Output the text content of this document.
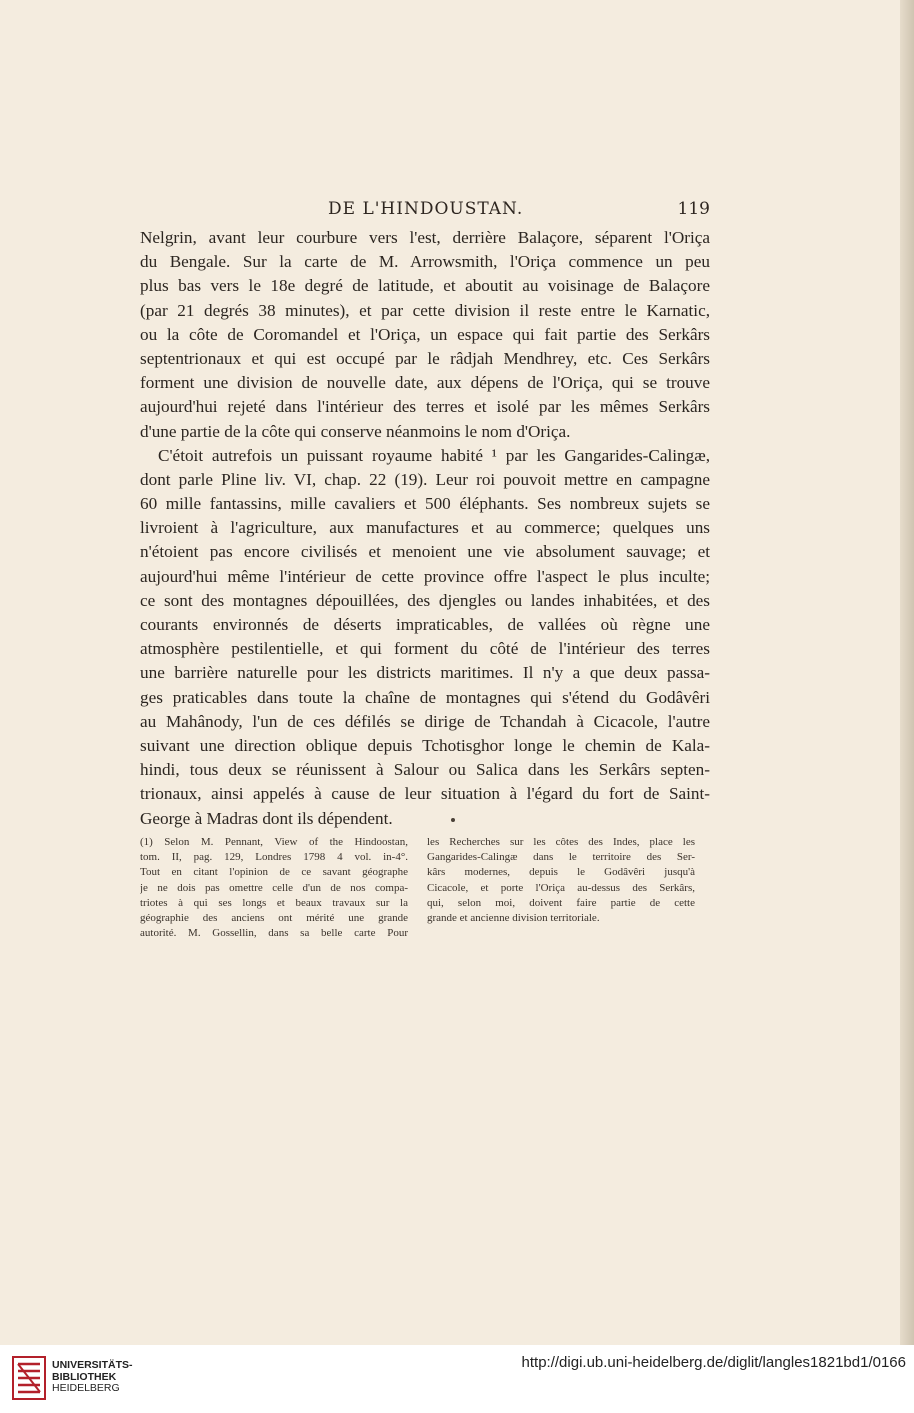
DE L'HINDOUSTAN.	119
Nelgrin, avant leur courbure vers l'est, derrière Balaçore, séparent l'Oriça
du Bengale. Sur la carte de M. Arrowsmith, l'Oriça commence un peu
plus bas vers le 18e degré de latitude, et aboutit au voisinage de Balaçore
(par 21 degrés 38 minutes), et par cette division il reste entre le Karnatic,
ou la côte de Coromandel et l'Oriça, un espace qui fait partie des Serkârs
septentrionaux et qui est occupé par le râdjah Mendhrey, etc. Ces Serkârs
forment une division de nouvelle date, aux dépens de l'Oriça, qui se trouve
aujourd'hui rejeté dans l'intérieur des terres et isolé par les mêmes Serkârs
d'une partie de la côte qui conserve néanmoins le nom d'Oriça.
C'étoit autrefois un puissant royaume habité ¹ par les Gangarides-Calingæ,
dont parle Pline liv. VI, chap. 22 (19). Leur roi pouvoit mettre en campagne
60 mille fantassins, mille cavaliers et 500 éléphants. Ses nombreux sujets se
livroient à l'agriculture, aux manufactures et au commerce; quelques uns
n'étoient pas encore civilisés et menoient une vie absolument sauvage; et
aujourd'hui même l'intérieur de cette province offre l'aspect le plus inculte;
ce sont des montagnes dépouillées, des djengles ou landes inhabitées, et des
courants environnés de déserts impraticables, de vallées où règne une
atmosphère pestilentielle, et qui forment du côté de l'intérieur des terres
une barrière naturelle pour les districts maritimes. Il n'y a que deux passa-
ges praticables dans toute la chaîne de montagnes qui s'étend du Godâvêri
au Mahânody, l'un de ces défilés se dirige de Tchandah à Cicacole, l'autre
suivant une direction oblique depuis Tchotisghor longe le chemin de Kala-
hindi, tous deux se réunissent à Salour ou Salica dans les Serkârs septen-
trionaux, ainsi appelés à cause de leur situation à l'égard du fort de Saint-
George à Madras dont ils dépendent.
(1) Selon M. Pennant, View of the Hindoostan,
tom. II, pag. 129, Londres 1798 4 vol. in-4°.
Tout en citant l'opinion de ce savant géographe
je ne dois pas omettre celle d'un de nos compa-
triotes à qui ses longs et beaux travaux sur la
géographie des anciens ont mérité une grande
autorité. M. Gossellin, dans sa belle carte Pour
les Recherches sur les côtes des Indes, place les
Gangarides-Calingæ dans le territoire des Ser-
kârs modernes, depuis le Godâvêri jusqu'à
Cicacole, et porte l'Oriça au-dessus des Serkârs,
qui, selon moi, doivent faire partie de cette
grande et ancienne division territoriale.
UNIVERSITÄTS-
BIBLIOTHEK
HEIDELBERG
http://digi.ub.uni-heidelberg.de/diglit/langles1821bd1/0166
